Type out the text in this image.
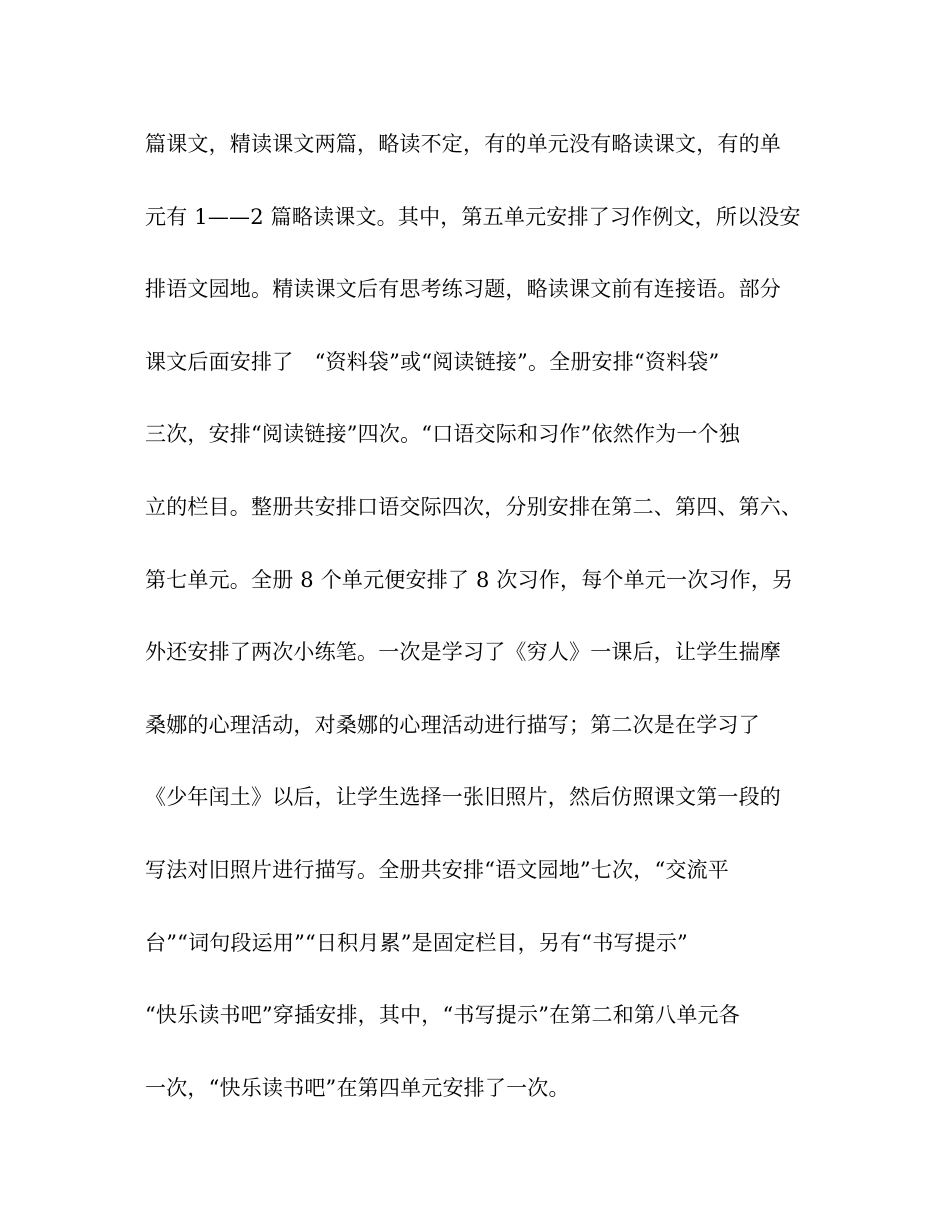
篇课文，精读课文两篇，略读不定，有的单元没有略读课文，有的单
元有 1——2 篇略读课文。其中，第五单元安排了习作例文，所以没安
排语文园地。精读课文后有思考练习题，略读课文前有连接语。部分
课文后面安排了　“资料袋”或“阅读链接”。全册安排“资料袋”
三次，安排“阅读链接”四次。“口语交际和习作”依然作为一个独
立的栏目。整册共安排口语交际四次，分别安排在第二、第四、第六、
第七单元。全册 8 个单元便安排了 8 次习作，每个单元一次习作，另
外还安排了两次小练笔。一次是学习了《穷人》一课后，让学生揣摩
桑娜的心理活动，对桑娜的心理活动进行描写；第二次是在学习了
《少年闰土》以后，让学生选择一张旧照片，然后仿照课文第一段的
写法对旧照片进行描写。全册共安排“语文园地”七次，“交流平
台”“词句段运用”“日积月累”是固定栏目，另有“书写提示”
“快乐读书吧”穿插安排，其中，“书写提示”在第二和第八单元各
一次，“快乐读书吧”在第四单元安排了一次。
